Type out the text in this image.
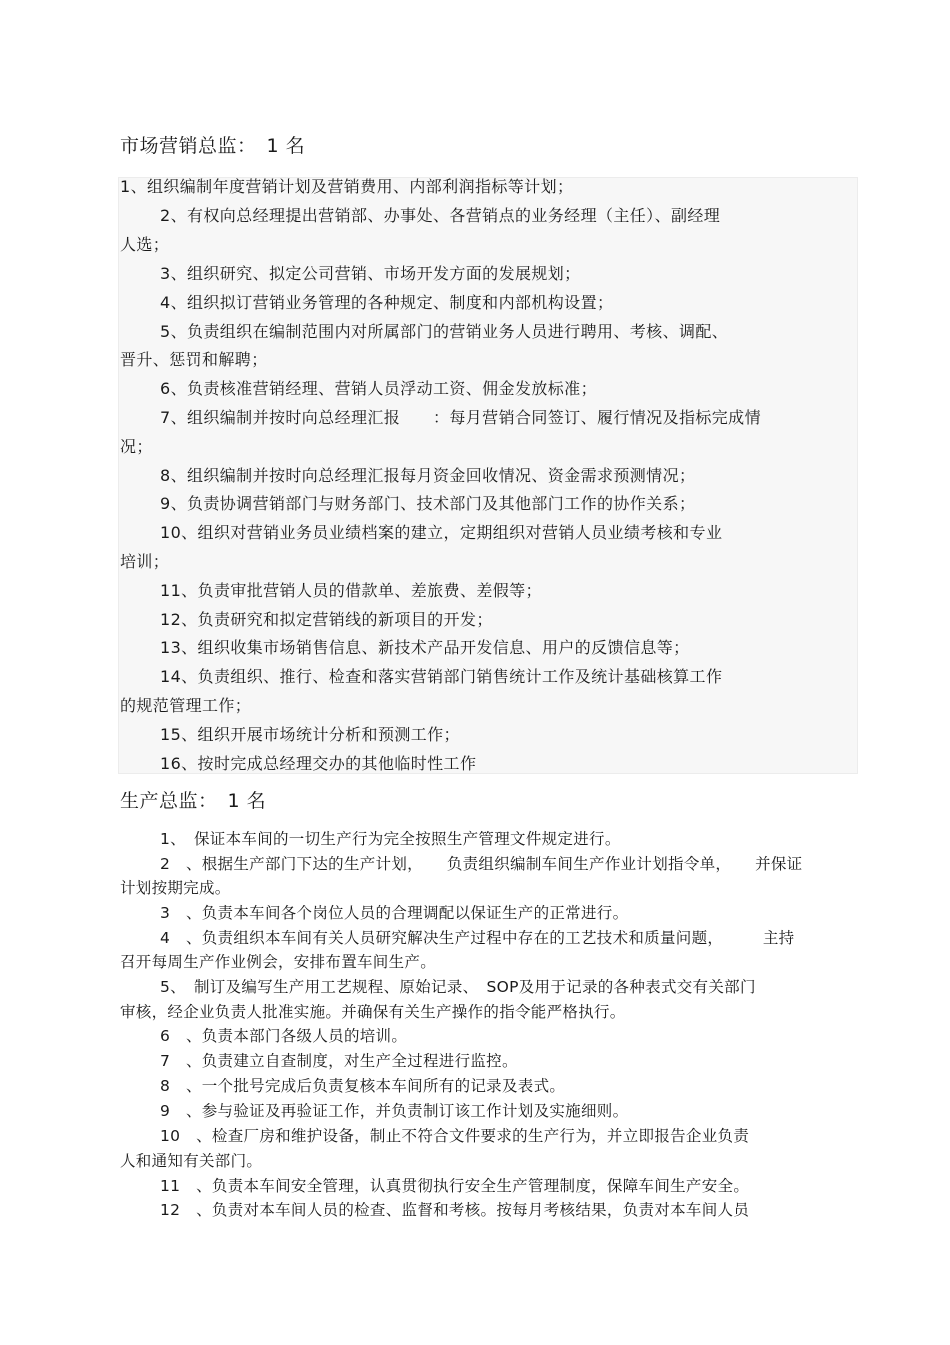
市场营销总监：　1 名
1、组织编制年度营销计划及营销费用、内部利润指标等计划；
2、有权向总经理提出营销部、办事处、各营销点的业务经理（主任）、副经理
人选；
3、组织研究、拟定公司营销、市场开发方面的发展规划；
4、组织拟订营销业务管理的各种规定、制度和内部机构设置；
5、负责组织在编制范围内对所属部门的营销业务人员进行聘用、考核、调配、
晋升、惩罚和解聘；
6、负责核准营销经理、营销人员浮动工资、佣金发放标准；
7、组织编制并按时向总经理汇报　　：每月营销合同签订、履行情况及指标完成情
况；
8、组织编制并按时向总经理汇报每月资金回收情况、资金需求预测情况；
9、负责协调营销部门与财务部门、技术部门及其他部门工作的协作关系；
10、组织对营销业务员业绩档案的建立，定期组织对营销人员业绩考核和专业
培训；
11、负责审批营销人员的借款单、差旅费、差假等；
12、负责研究和拟定营销线的新项目的开发；
13、组织收集市场销售信息、新技术产品开发信息、用户的反馈信息等；
14、负责组织、推行、检查和落实营销部门销售统计工作及统计基础核算工作
的规范管理工作；
15、组织开展市场统计分析和预测工作；
16、按时完成总经理交办的其他临时性工作
生产总监：　1 名
1、　保证本车间的一切生产行为完全按照生产管理文件规定进行。
2　、根据生产部门下达的生产计划，　　负责组织编制车间生产作业计划指令单，　　并保证
计划按期完成。
3　、负责本车间各个岗位人员的合理调配以保证生产的正常进行。
4　、负责组织本车间有关人员研究解决生产过程中存在的工艺技术和质量问题，　　　主持
召开每周生产作业例会，安排布置车间生产。
5、　制订及编写生产用工艺规程、原始记录、　SOP及用于记录的各种表式交有关部门
审核，经企业负责人批准实施。并确保有关生产操作的指令能严格执行。
6　、负责本部门各级人员的培训。
7　、负责建立自查制度，对生产全过程进行监控。
8　、一个批号完成后负责复核本车间所有的记录及表式。
9　、参与验证及再验证工作，并负责制订该工作计划及实施细则。
10　、检查厂房和维护设备，制止不符合文件要求的生产行为，并立即报告企业负责
人和通知有关部门。
11　、负责本车间安全管理，认真贯彻执行安全生产管理制度，保障车间生产安全。
12　、负责对本车间人员的检查、监督和考核。按每月考核结果，负责对本车间人员
